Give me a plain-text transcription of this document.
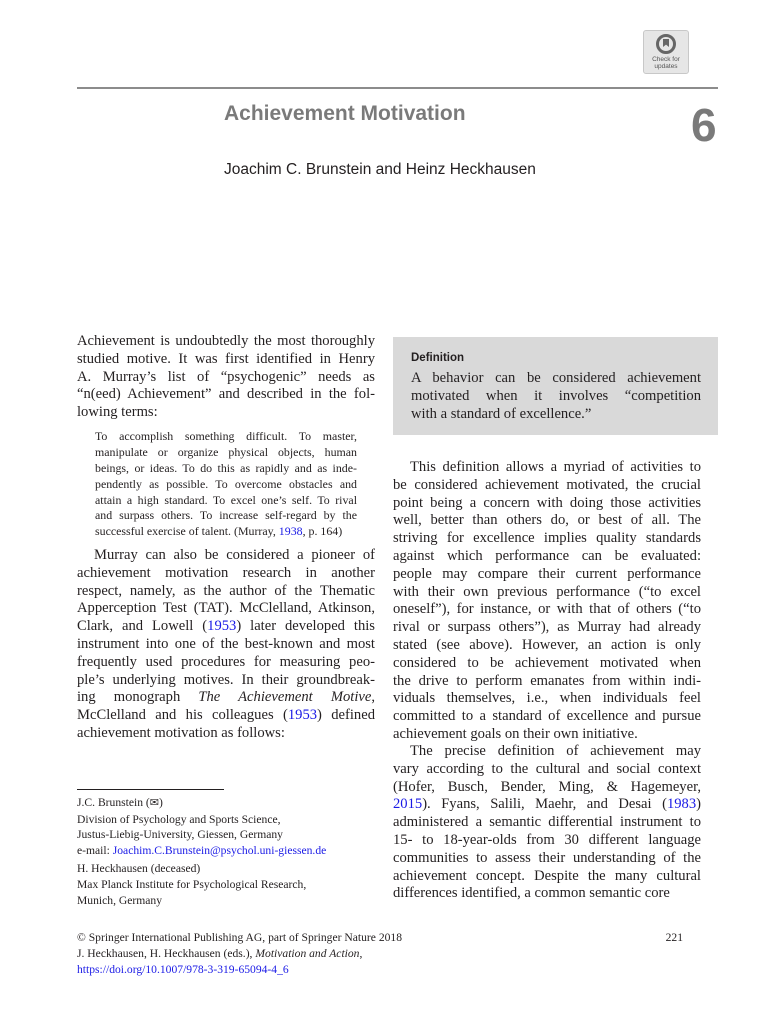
Check for
updates
Achievement Motivation	6
Joachim C. Brunstein and Heinz Heckhausen
Achievement is undoubtedly the most thoroughly
studied motive. It was first identified in Henry
A. Murray’s list of “psychogenic” needs as
“n(eed) Achievement” and described in the fol-
lowing terms:
To accomplish something difficult. To master,
manipulate or organize physical objects, human
beings, or ideas. To do this as rapidly and as inde-
pendently as possible. To overcome obstacles and
attain a high standard. To excel one’s self. To rival
and surpass others. To increase self-regard by the
successful exercise of talent. (Murray, 1938, p. 164)
Murray can also be considered a pioneer of
achievement motivation research in another
respect, namely, as the author of the Thematic
Apperception Test (TAT). McClelland, Atkinson,
Clark, and Lowell (1953) later developed this
instrument into one of the best-known and most
frequently used procedures for measuring peo-
ple’s underlying motives. In their groundbreak-
ing monograph The Achievement Motive,
McClelland and his colleagues (1953) defined
achievement motivation as follows:
Definition
A behavior can be considered achievement
motivated when it involves “competition
with a standard of excellence.”
This definition allows a myriad of activities to
be considered achievement motivated, the crucial
point being a concern with doing those activities
well, better than others do, or best of all. The
striving for excellence implies quality standards
against which performance can be evaluated:
people may compare their current performance
with their own previous performance (“to excel
oneself”), for instance, or with that of others (“to
rival or surpass others”), as Murray had already
stated (see above). However, an action is only
considered to be achievement motivated when
the drive to perform emanates from within indi-
viduals themselves, i.e., when individuals feel
committed to a standard of excellence and pursue
achievement goals on their own initiative.
The precise definition of achievement may
vary according to the cultural and social context
(Hofer, Busch, Bender, Ming, & Hagemeyer,
2015). Fyans, Salili, Maehr, and Desai (1983)
administered a semantic differential instrument to
15- to 18-year-olds from 30 different language
communities to assess their understanding of the
achievement concept. Despite the many cultural
differences identified, a common semantic core
J.C. Brunstein (✉)
Division of Psychology and Sports Science,
Justus-Liebig-University, Giessen, Germany
e-mail: Joachim.C.Brunstein@psychol.uni-giessen.de
H. Heckhausen (deceased)
Max Planck Institute for Psychological Research,
Munich, Germany
© Springer International Publishing AG, part of Springer Nature 2018	221
J. Heckhausen, H. Heckhausen (eds.), Motivation and Action,
https://doi.org/10.1007/978-3-319-65094-4_6
